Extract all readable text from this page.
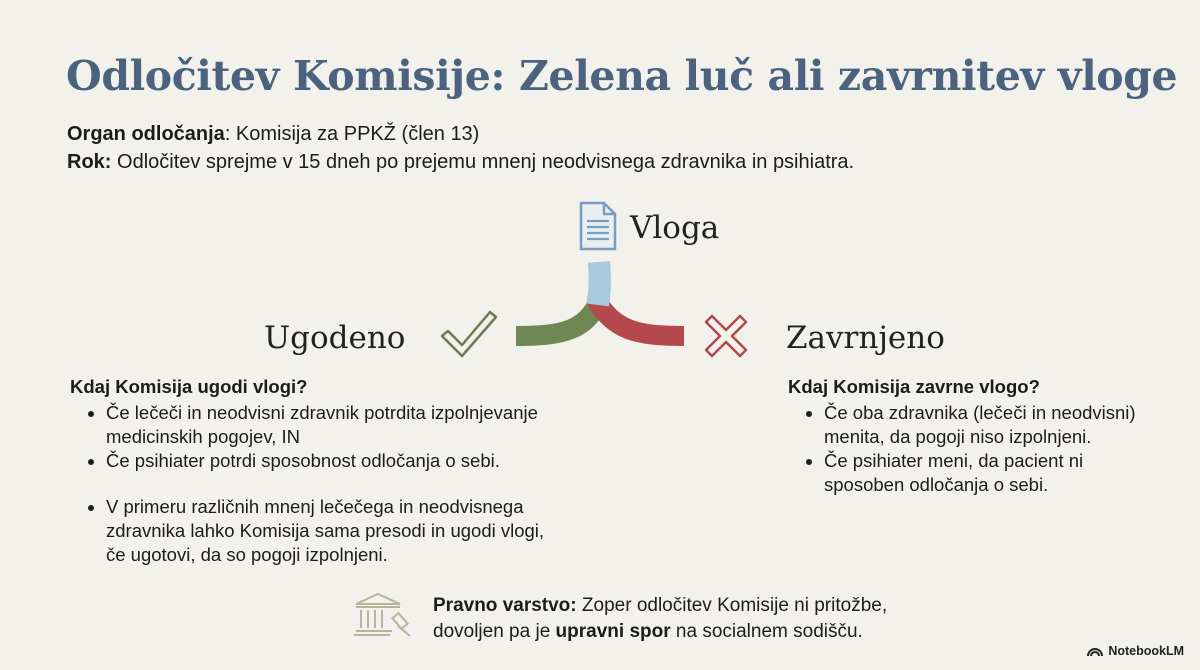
Odločitev Komisije: Zelena luč ali zavrnitev vloge
Organ odločanja: Komisija za PPKŽ (člen 13)
Rok: Odločitev sprejme v 15 dneh po prejemu mnenj neodvisnega zdravnika in psihiatra.
Vloga
Ugodeno	Zavrnjeno
Kdaj Komisija ugodi vlogi?
• Če lečeči in neodvisni zdravnik potrdita izpolnjevanje medicinskih pogojev, IN
• Če psihiater potrdi sposobnost odločanja o sebi.
• V primeru različnih mnenj lečečega in neodvisnega zdravnika lahko Komisija sama presodi in ugodi vlogi, če ugotovi, da so pogoji izpolnjeni.
Kdaj Komisija zavrne vlogo?
• Če oba zdravnika (lečeči in neodvisni) menita, da pogoji niso izpolnjeni.
• Če psihiater meni, da pacient ni sposoben odločanja o sebi.
Pravno varstvo: Zoper odločitev Komisije ni pritožbe,
dovoljen pa je upravni spor na socialnem sodišču.
NotebookLM
